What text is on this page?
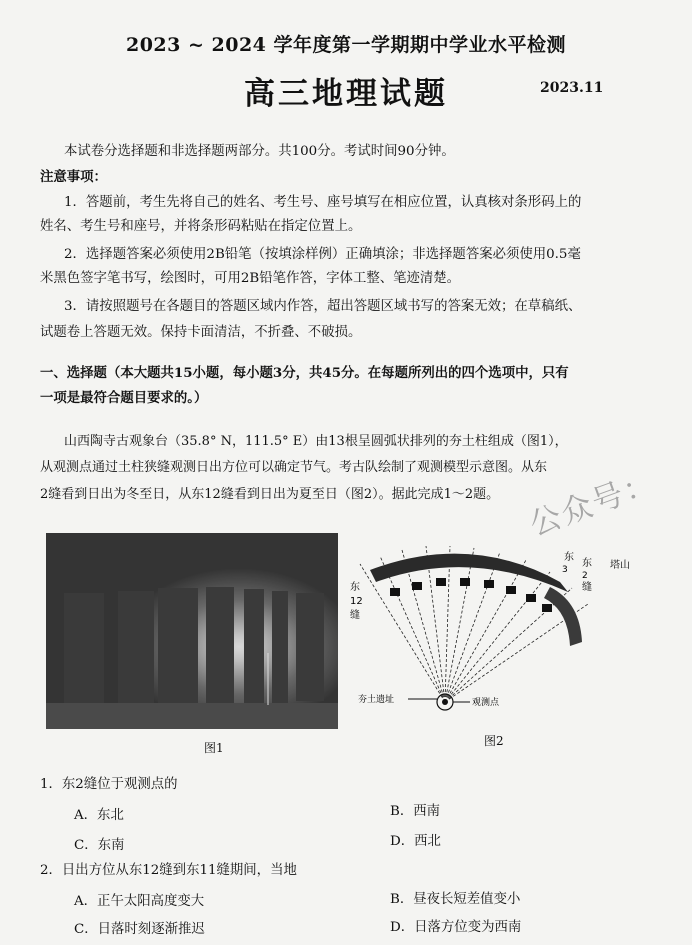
2023 ~ 2024 学年度第一学期期中学业水平检测
高三地理试题	2023.11
本试卷分选择题和非选择题两部分。共100分。考试时间90分钟。
注意事项：
1．答题前，考生先将自己的姓名、考生号、座号填写在相应位置，认真核对条形码上的
姓名、考生号和座号，并将条形码粘贴在指定位置上。
2．选择题答案必须使用2B铅笔（按填涂样例）正确填涂；非选择题答案必须使用0.5毫
米黑色签字笔书写，绘图时，可用2B铅笔作答，字体工整、笔迹清楚。
3．请按照题号在各题目的答题区域内作答，超出答题区域书写的答案无效；在草稿纸、
试题卷上答题无效。保持卡面清洁，不折叠、不破损。
一、选择题（本大题共15小题，每小题3分，共45分。在每题所列出的四个选项中，只有
一项是最符合题目要求的。）
山西陶寺古观象台（35.8° N，111.5° E）由13根呈圆弧状排列的夯土柱组成（图1），
从观测点通过土柱狭缝观测日出方位可以确定节气。考古队绘制了观测模型示意图。从东
2缝看到日出为冬至日，从东12缝看到日出为夏至日（图2）。据此完成1～2题。
东
12
缝
东
3
东
2
缝
塔山
夯土遗址	观测点
公众号：
图1	图2
1．东2缝位于观测点的
A．东北	B．西南
C．东南	D．西北
2．日出方位从东12缝到东11缝期间，当地
A．正午太阳高度变大	B．昼夜长短差值变小
C．日落时刻逐渐推迟	D．日落方位变为西南
